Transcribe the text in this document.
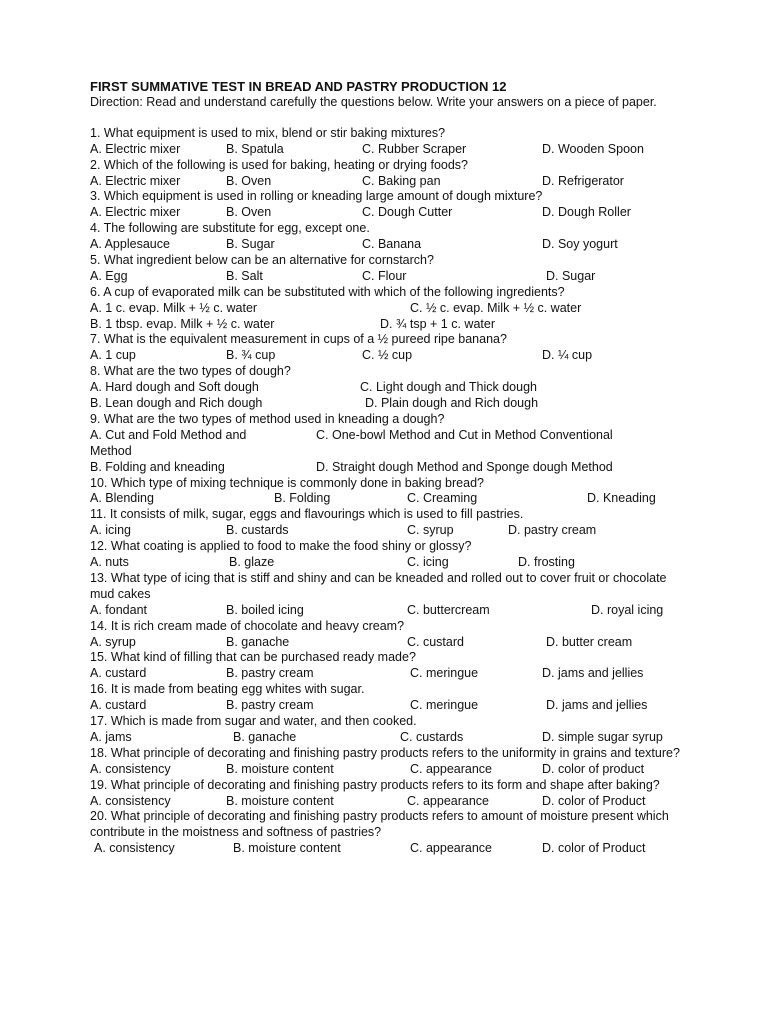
FIRST SUMMATIVE TEST IN BREAD AND PASTRY PRODUCTION 12
Direction: Read and understand carefully the questions below. Write your answers on a piece of paper.
1. What equipment is used to mix, blend or stir baking mixtures?
A. Electric mixer	B. Spatula	C. Rubber Scraper	D. Wooden Spoon
2. Which of the following is used for baking, heating or drying foods?
A. Electric mixer	B. Oven	C. Baking pan	D. Refrigerator
3. Which equipment is used in rolling or kneading large amount of dough mixture?
A. Electric mixer	B. Oven	C. Dough Cutter	D. Dough Roller
4. The following are substitute for egg, except one.
A. Applesauce	B. Sugar	C. Banana	D. Soy yogurt
5. What ingredient below can be an alternative for cornstarch?
A. Egg	B. Salt	C. Flour	D. Sugar
6. A cup of evaporated milk can be substituted with which of the following ingredients?
A. 1 c. evap. Milk + ½ c. water	C. ½ c. evap. Milk + ½ c. water
B. 1 tbsp. evap. Milk + ½ c. water	D. ¾ tsp + 1 c. water
7. What is the equivalent measurement in cups of a ½ pureed ripe banana?
A. 1 cup	B. ¾ cup	C. ½ cup	D. ¼ cup
8. What are the two types of dough?
A. Hard dough and Soft dough	C. Light dough and Thick dough
B. Lean dough and Rich dough	D. Plain dough and Rich dough
9. What are the two types of method used in kneading a dough?
A. Cut and Fold Method and	C. One-bowl Method and Cut in Method Conventional
Method
B. Folding and kneading	D. Straight dough Method and Sponge dough Method
10. Which type of mixing technique is commonly done in baking bread?
A. Blending	B. Folding	C. Creaming	D. Kneading
11. It consists of milk, sugar, eggs and flavourings which is used to fill pastries.
A. icing	B. custards	C. syrup	D. pastry cream
12. What coating is applied to food to make the food shiny or glossy?
A. nuts	B. glaze	C. icing	D. frosting
13. What type of icing that is stiff and shiny and can be kneaded and rolled out to cover fruit or chocolate mud cakes
A. fondant	B. boiled icing	C. buttercream	D. royal icing
14. It is rich cream made of chocolate and heavy cream?
A. syrup	B. ganache	C. custard	D. butter cream
15. What kind of filling that can be purchased ready made?
A. custard	B. pastry cream	C. meringue	D. jams and jellies
16. It is made from beating egg whites with sugar.
A. custard	B. pastry cream	C. meringue	D. jams and jellies
17. Which is made from sugar and water, and then cooked.
A. jams	B. ganache	C. custards	D. simple sugar syrup
18. What principle of decorating and finishing pastry products refers to the uniformity in grains and texture?
A. consistency	B. moisture content	C. appearance	D. color of product
19. What principle of decorating and finishing pastry products refers to its form and shape after baking?
A. consistency	B. moisture content	C. appearance	D. color of Product
20. What principle of decorating and finishing pastry products refers to amount of moisture present which contribute in the moistness and softness of pastries?
A. consistency	B. moisture content	C. appearance	D. color of Product
